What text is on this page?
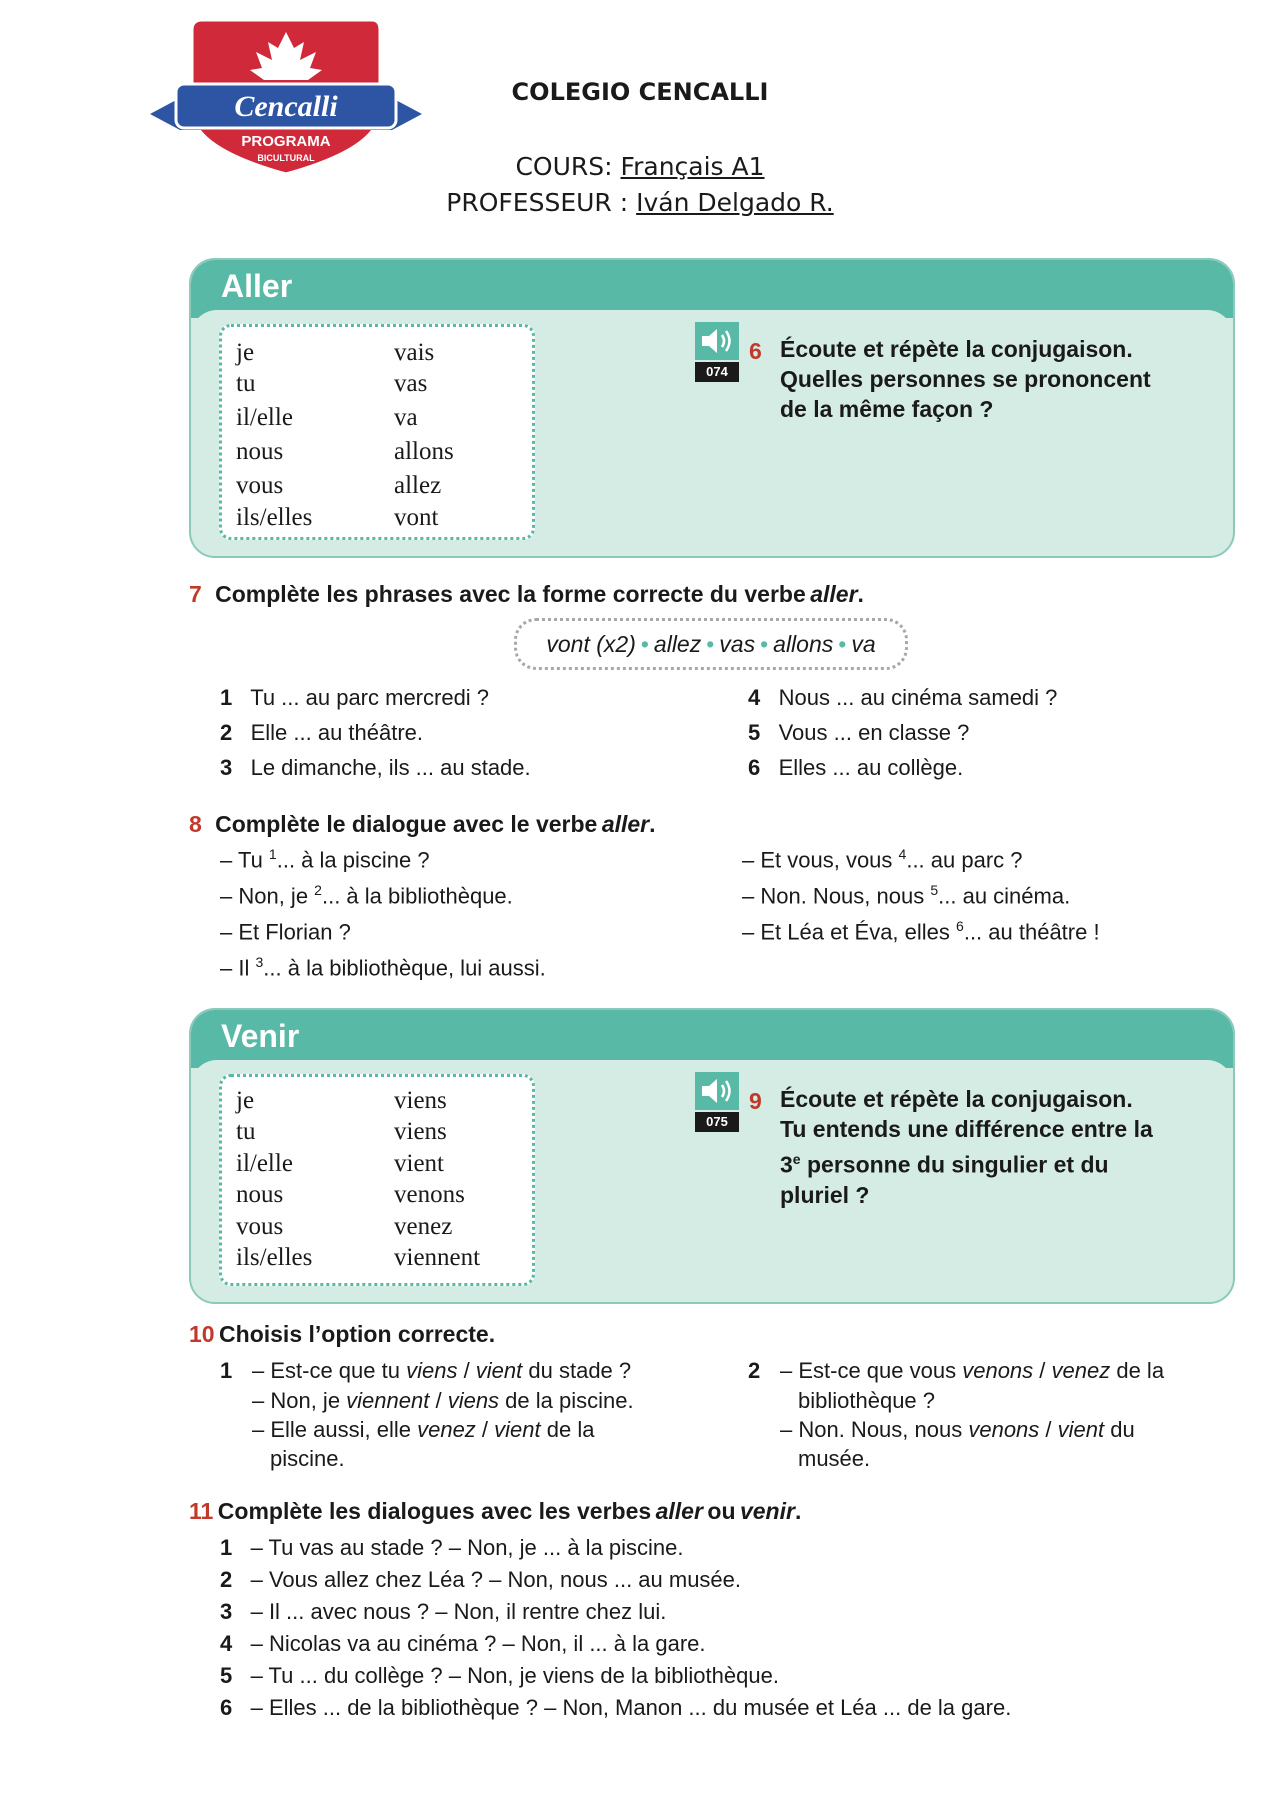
Cencalli
PROGRAMA
BICULTURAL
COLEGIO CENCALLI
COURS: Français A1
PROFESSEUR : Iván Delgado R.
Aller
je	vais
tu	vas
il/elle	va
nous	allons
vous	allez
ils/elles	vont
074
6 Écoute et répète la conjugaison.
Quelles personnes se prononcent
de la même façon ?
7 Complète les phrases avec la forme correcte du verbe aller.
vont (x2) • allez • vas • allons • va
1 Tu ... au parc mercredi ?
2 Elle ... au théâtre.
3 Le dimanche, ils ... au stade.
4 Nous ... au cinéma samedi ?
5 Vous ... en classe ?
6 Elles ... au collège.
8 Complète le dialogue avec le verbe aller.
– Tu $^1$... à la piscine ?
– Non, je $^2$... à la bibliothèque.
– Et Florian ?
– Il $^3$... à la bibliothèque, lui aussi.
– Et vous, vous $^4$... au parc ?
– Non. Nous, nous $^5$... au cinéma.
– Et Léa et Éva, elles $^6$... au théâtre !
Venir
je	viens
tu	viens
il/elle	vient
nous	venons
vous	venez
ils/elles	viennent
075
9 Écoute et répète la conjugaison.
Tu entends une différence entre la
3e personne du singulier et du
pluriel ?
10 Choisis l’option correcte.
1 – Est-ce que tu viens / vient du stade ?
– Non, je viennent / viens de la piscine.
– Elle aussi, elle venez / vient de la
piscine.
2 – Est-ce que vous venons / venez de la
bibliothèque ?
– Non. Nous, nous venons / vient du
musée.
11 Complète les dialogues avec les verbes aller ou venir.
1 – Tu vas au stade ? – Non, je ... à la piscine.
2 – Vous allez chez Léa ? – Non, nous ... au musée.
3 – Il ... avec nous ? – Non, il rentre chez lui.
4 – Nicolas va au cinéma ? – Non, il ... à la gare.
5 – Tu ... du collège ? – Non, je viens de la bibliothèque.
6 – Elles ... de la bibliothèque ? – Non, Manon ... du musée et Léa ... de la gare.
